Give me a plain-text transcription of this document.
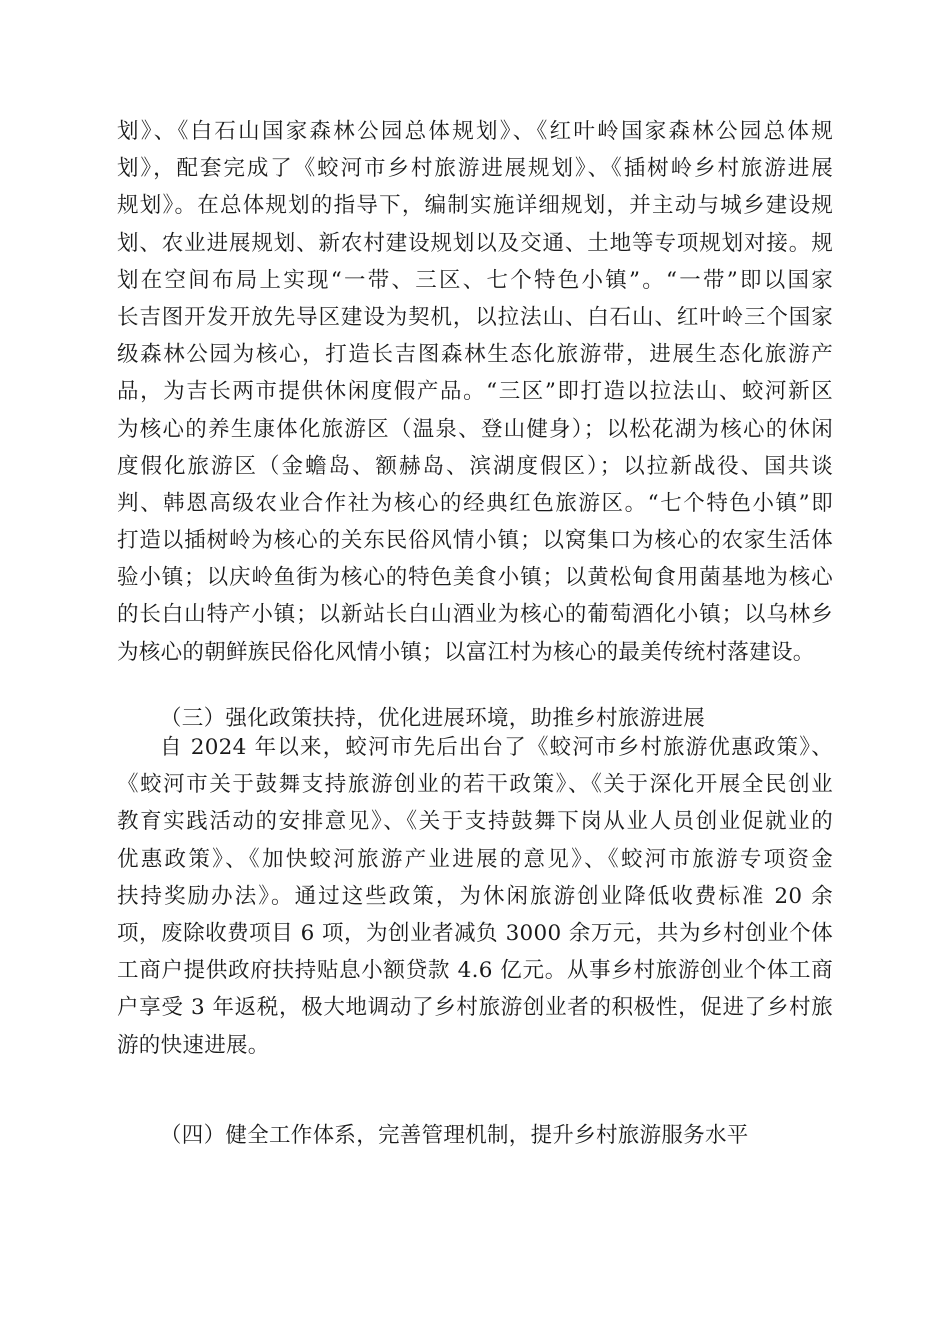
划》、《白石山国家森林公园总体规划》、《红叶岭国家森林公园总体规
划》，配套完成了《蛟河市乡村旅游进展规划》、《插树岭乡村旅游进展
规划》。在总体规划的指导下，编制实施详细规划，并主动与城乡建设规
划、农业进展规划、新农村建设规划以及交通、土地等专项规划对接。规
划在空间布局上实现“一带、三区、七个特色小镇”。“一带”即以国家
长吉图开发开放先导区建设为契机，以拉法山、白石山、红叶岭三个国家
级森林公园为核心，打造长吉图森林生态化旅游带，进展生态化旅游产
品，为吉长两市提供休闲度假产品。“三区”即打造以拉法山、蛟河新区
为核心的养生康体化旅游区（温泉、登山健身）；以松花湖为核心的休闲
度假化旅游区（金蟾岛、额赫岛、滨湖度假区）；以拉新战役、国共谈
判、韩恩高级农业合作社为核心的经典红色旅游区。“七个特色小镇”即
打造以插树岭为核心的关东民俗风情小镇；以窝集口为核心的农家生活体
验小镇；以庆岭鱼街为核心的特色美食小镇；以黄松甸食用菌基地为核心
的长白山特产小镇；以新站长白山酒业为核心的葡萄酒化小镇；以乌林乡
为核心的朝鲜族民俗化风情小镇；以富江村为核心的最美传统村落建设。
（三）强化政策扶持，优化进展环境，助推乡村旅游进展
自 2024 年以来，蛟河市先后出台了《蛟河市乡村旅游优惠政策》、
《蛟河市关于鼓舞支持旅游创业的若干政策》、《关于深化开展全民创业
教育实践活动的安排意见》、《关于支持鼓舞下岗从业人员创业促就业的
优惠政策》、《加快蛟河旅游产业进展的意见》、《蛟河市旅游专项资金
扶持奖励办法》。通过这些政策，为休闲旅游创业降低收费标准 20 余
项，废除收费项目 6 项，为创业者减负 3000 余万元，共为乡村创业个体
工商户提供政府扶持贴息小额贷款 4.6 亿元。从事乡村旅游创业个体工商
户享受 3 年返税，极大地调动了乡村旅游创业者的积极性，促进了乡村旅
游的快速进展。
（四）健全工作体系，完善管理机制，提升乡村旅游服务水平
